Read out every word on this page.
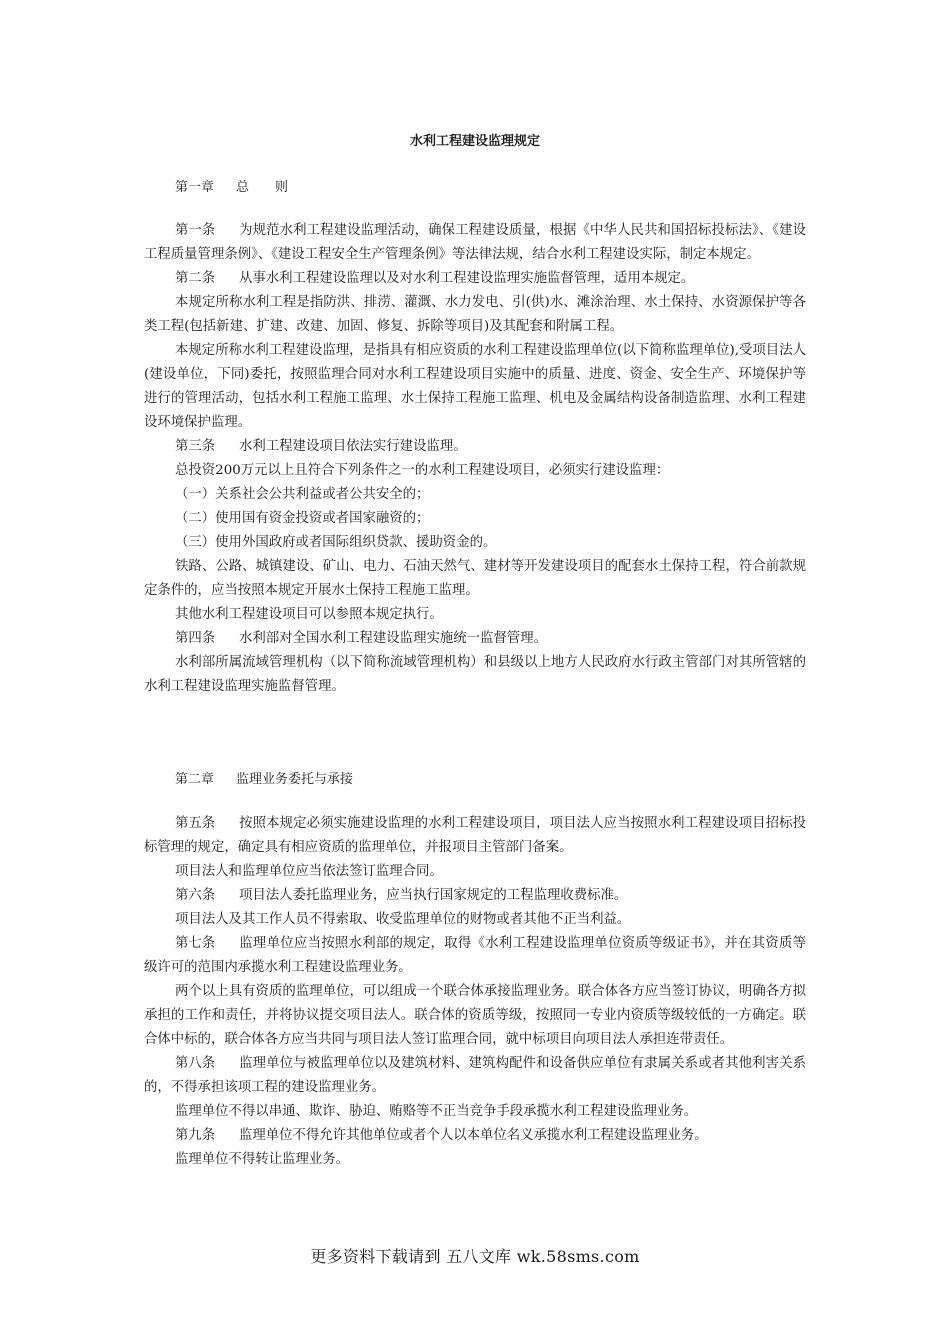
水利工程建设监理规定
第一章 总　　则

第一条 为规范水利工程建设监理活动，确保工程建设质量，根据《中华人民共和国招标投标法》、《建设工程质量管理条例》、《建设工程安全生产管理条例》等法律法规，结合水利工程建设实际，制定本规定。

第二条 从事水利工程建设监理以及对水利工程建设监理实施监督管理，适用本规定。

本规定所称水利工程是指防洪、排涝、灌溉、水力发电、引(供)水、滩涂治理、水土保持、水资源保护等各类工程(包括新建、扩建、改建、加固、修复、拆除等项目)及其配套和附属工程。

本规定所称水利工程建设监理，是指具有相应资质的水利工程建设监理单位(以下简称监理单位),受项目法人(建设单位，下同)委托，按照监理合同对水利工程建设项目实施中的质量、进度、资金、安全生产、环境保护等进行的管理活动，包括水利工程施工监理、水土保持工程施工监理、机电及金属结构设备制造监理、水利工程建设环境保护监理。

第三条 水利工程建设项目依法实行建设监理。

总投资200万元以上且符合下列条件之一的水利工程建设项目，必须实行建设监理：

（一）关系社会公共利益或者公共安全的；

（二）使用国有资金投资或者国家融资的；

（三）使用外国政府或者国际组织贷款、援助资金的。

铁路、公路、城镇建设、矿山、电力、石油天然气、建材等开发建设项目的配套水土保持工程，符合前款规定条件的，应当按照本规定开展水土保持工程施工监理。

其他水利工程建设项目可以参照本规定执行。

第四条 水利部对全国水利工程建设监理实施统一监督管理。

水利部所属流域管理机构（以下简称流域管理机构）和县级以上地方人民政府水行政主管部门对其所管辖的水利工程建设监理实施监督管理。

第二章 监理业务委托与承接

第五条 按照本规定必须实施建设监理的水利工程建设项目，项目法人应当按照水利工程建设项目招标投标管理的规定，确定具有相应资质的监理单位，并报项目主管部门备案。

项目法人和监理单位应当依法签订监理合同。

第六条 项目法人委托监理业务，应当执行国家规定的工程监理收费标准。

项目法人及其工作人员不得索取、收受监理单位的财物或者其他不正当利益。

第七条 监理单位应当按照水利部的规定，取得《水利工程建设监理单位资质等级证书》，并在其资质等级许可的范围内承揽水利工程建设监理业务。

两个以上具有资质的监理单位，可以组成一个联合体承接监理业务。联合体各方应当签订协议，明确各方拟承担的工作和责任，并将协议提交项目法人。联合体的资质等级，按照同一专业内资质等级较低的一方确定。联合体中标的，联合体各方应当共同与项目法人签订监理合同，就中标项目向项目法人承担连带责任。

第八条 监理单位与被监理单位以及建筑材料、建筑构配件和设备供应单位有隶属关系或者其他利害关系的，不得承担该项工程的建设监理业务。

监理单位不得以串通、欺诈、胁迫、贿赂等不正当竞争手段承揽水利工程建设监理业务。

第九条 监理单位不得允许其他单位或者个人以本单位名义承揽水利工程建设监理业务。

监理单位不得转让监理业务。

更多资料下载请到 五八文库 wk.58sms.com
